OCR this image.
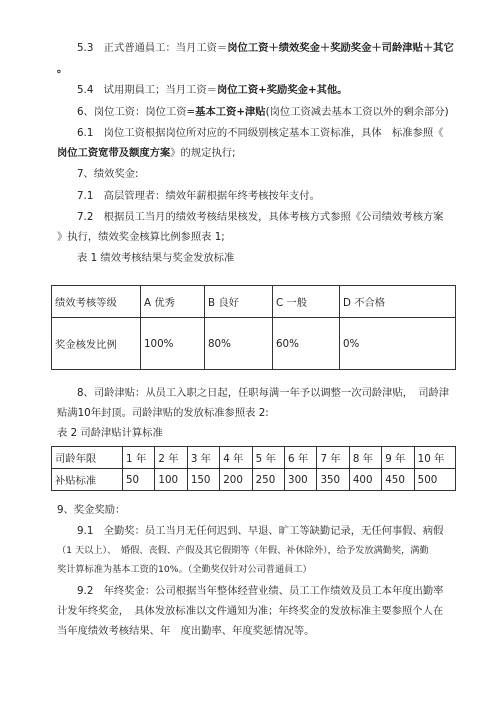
5.3　正式普通員工：当月工资＝岗位工资＋绩效奖金＋奖励奖金＋司龄津贴＋其它
。
5.4　试用期員工；当月工资＝岗位工资+奖励奖金+其他。
6、岗位工资：岗位工资=基本工资+津贴(岗位工资减去基本工资以外的剩余部分)
6.1　岗位工资根据岗位所对应的不同级别核定基本工资标准，具体　标准参照《
岗位工资宽带及额度方案》的规定执行;
7、绩效奖金:
7.1　高层管理者：绩效年薪根据年终考核按年支付。
7.2　根据员工当月的绩效考核结果核发，具体考核方式参照《公司绩效考核方案
》执行，绩效奖金核算比例参照表 1;
表 1 绩效考核结果与奖金发放标准
绩效考核等级	A 优秀	B 良好	C 一般	D 不合格
奖金核发比例	100%	80%	60%	0%
8、司龄津贴：从员工入职之日起，任职每满一年予以调整一次司龄津贴，　司龄津
贴满10年封顶。司龄津贴的发放标准参照表 2:
表 2 司龄津贴计算标准
司龄年限	1 年	2 年	3 年	4 年	5 年	6 年	7 年	8 年	9 年	10 年
补贴标准	50	100	150	200	250	300	350	400	450	500
9、奖金奖励：
9.1　全勤奖：员工当月无任何迟到、早退、旷工等缺勤记录，无任何事假、病假
（1 天以上）、　婚假、丧假、产假及其它假期等（年假、补休除外），给予发放满勤奖，满勤
奖计算标准为基本工资的10%。（全勤奖仅针对公司普通員工）
9.2　年终奖金：公司根据当年整体经营业绩、员工工作绩效及员工本年度出勤率
计发年终奖金，　具体发放标准以文件通知为准；年终奖金的发放标准主要参照个人在
当年度绩效考核结果、年　度出勤率、年度奖惩情况等。
